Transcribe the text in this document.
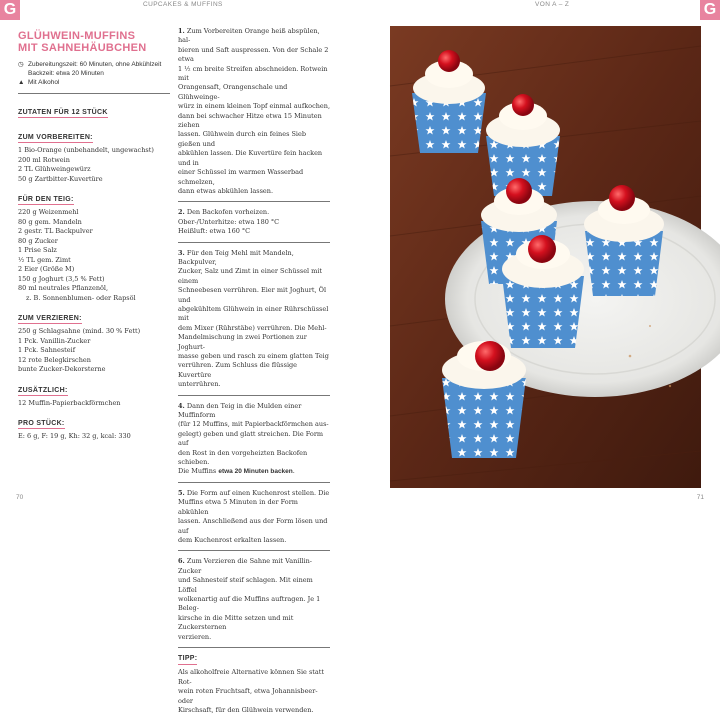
G	G
CUPCAKES & MUFFINS	VON A – Z
70	71
GLÜHWEIN-MUFFINS
MIT SAHNEHÄUBCHEN
◷ Zubereitungszeit: 60 Minuten, ohne Abkühlzeit
Backzeit: etwa 20 Minuten
▲ Mit Alkohol
ZUTATEN FÜR 12 STÜCK
ZUM VORBEREITEN:
1 Bio-Orange (unbehandelt, ungewachst)
200 ml Rotwein
2 TL Glühweingewürz
50 g Zartbitter-Kuvertüre
FÜR DEN TEIG:
220 g Weizenmehl
80 g gem. Mandeln
2 gestr. TL Backpulver
80 g Zucker
1 Prise Salz
½ TL gem. Zimt
2 Eier (Größe M)
150 g Joghurt (3,5 % Fett)
80 ml neutrales Pflanzenöl,
z. B. Sonnenblumen- oder Rapsöl
ZUM VERZIEREN:
250 g Schlagsahne (mind. 30 % Fett)
1 Pck. Vanillin-Zucker
1 Pck. Sahnesteif
12 rote Belegkirschen
bunte Zucker-Dekorsterne
ZUSÄTZLICH:
12 Muffin-Papierbackförmchen
PRO STÜCK:
E: 6 g, F: 19 g, Kh: 32 g, kcal: 330
1. Zum Vorbereiten Orange heiß abspülen, hal-
bieren und Saft auspressen. Von der Schale 2 etwa
1 ½ cm breite Streifen abschneiden. Rotwein mit
Orangensaft, Orangenschale und Glühweinge-
würz in einem kleinen Topf einmal aufkochen,
dann bei schwacher Hitze etwa 15 Minuten ziehen
lassen. Glühwein durch ein feines Sieb gießen und
abkühlen lassen. Die Kuvertüre fein hacken und in
einer Schüssel im warmen Wasserbad schmelzen,
dann etwas abkühlen lassen.
2. Den Backofen vorheizen.
Ober-/Unterhitze: etwa 180 °C
Heißluft: etwa 160 °C
3. Für den Teig Mehl mit Mandeln, Backpulver,
Zucker, Salz und Zimt in einer Schüssel mit einem
Schneebesen verrühren. Eier mit Joghurt, Öl und
abgekühltem Glühwein in einer Rührschüssel mit
dem Mixer (Rührstäbe) verrühren. Die Mehl-
Mandelmischung in zwei Portionen zur Joghurt-
masse geben und rasch zu einem glatten Teig
verrühren. Zum Schluss die flüssige Kuvertüre
unterrühren.
4. Dann den Teig in die Mulden einer Muffinform
(für 12 Muffins, mit Papierbackförmchen aus-
gelegt) geben und glatt streichen. Die Form auf
den Rost in den vorgeheizten Backofen schieben.
Die Muffins etwa 20 Minuten backen.
5. Die Form auf einen Kuchenrost stellen. Die
Muffins etwa 5 Minuten in der Form abkühlen
lassen. Anschließend aus der Form lösen und auf
dem Kuchenrost erkalten lassen.
6. Zum Verzieren die Sahne mit Vanillin-Zucker
und Sahnesteif steif schlagen. Mit einem Löffel
wolkenartig auf die Muffins auftragen. Je 1 Beleg-
kirsche in die Mitte setzen und mit Zuckersternen
verzieren.
TIPP:
Als alkoholfreie Alternative können Sie statt Rot-
wein roten Fruchtsaft, etwa Johannisbeer- oder
Kirschsaft, für den Glühwein verwenden.
